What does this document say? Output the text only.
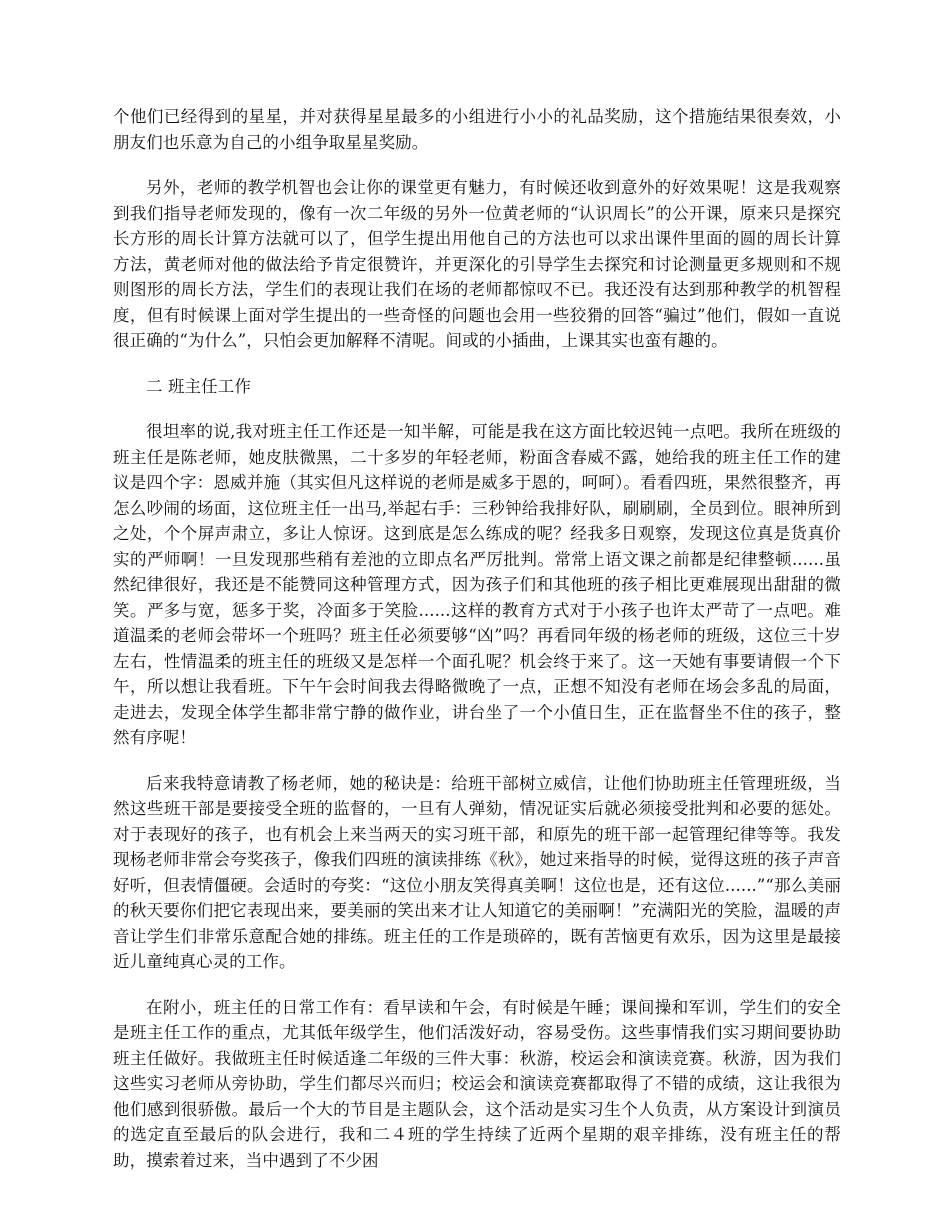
个他们已经得到的星星，并对获得星星最多的小组进行小小的礼品奖励，这个措施结果很奏效，小朋友们也乐意为自己的小组争取星星奖励。

另外，老师的教学机智也会让你的课堂更有魅力，有时候还收到意外的好效果呢！这是我观察到我们指导老师发现的，像有一次二年级的另外一位黄老师的“认识周长”的公开课，原来只是探究长方形的周长计算方法就可以了，但学生提出用他自己的方法也可以求出课件里面的圆的周长计算方法，黄老师对他的做法给予肯定很赞许，并更深化的引导学生去探究和讨论测量更多规则和不规则图形的周长方法，学生们的表现让我们在场的老师都惊叹不已。我还没有达到那种教学的机智程度，但有时候课上面对学生提出的一些奇怪的问题也会用一些狡猾的回答“骗过”他们，假如一直说很正确的“为什么”，只怕会更加解释不清呢。间或的小插曲，上课其实也蛮有趣的。

二 班主任工作

很坦率的说,我对班主任工作还是一知半解，可能是我在这方面比较迟钝一点吧。我所在班级的班主任是陈老师，她皮肤微黑，二十多岁的年轻老师，粉面含春威不露，她给我的班主任工作的建议是四个字：恩威并施（其实但凡这样说的老师是威多于恩的，呵呵）。看看四班，果然很整齐，再怎么吵闹的场面，这位班主任一出马,举起右手：三秒钟给我排好队，刷刷刷，全员到位。眼神所到之处，个个屏声肃立，多让人惊讶。这到底是怎么练成的呢？经我多日观察，发现这位真是货真价实的严师啊！一旦发现那些稍有差池的立即点名严厉批判。常常上语文课之前都是纪律整顿......虽然纪律很好，我还是不能赞同这种管理方式，因为孩子们和其他班的孩子相比更难展现出甜甜的微笑。严多与宽，惩多于奖，冷面多于笑脸......这样的教育方式对于小孩子也许太严苛了一点吧。难道温柔的老师会带坏一个班吗？班主任必须要够“凶”吗？再看同年级的杨老师的班级，这位三十岁左右，性情温柔的班主任的班级又是怎样一个面孔呢？机会终于来了。这一天她有事要请假一个下午，所以想让我看班。下午午会时间我去得略微晚了一点，正想不知没有老师在场会多乱的局面，走进去，发现全体学生都非常宁静的做作业，讲台坐了一个小值日生，正在监督坐不住的孩子，整然有序呢！

后来我特意请教了杨老师，她的秘诀是：给班干部树立威信，让他们协助班主任管理班级，当然这些班干部是要接受全班的监督的，一旦有人弹劾，情况证实后就必须接受批判和必要的惩处。对于表现好的孩子，也有机会上来当两天的实习班干部，和原先的班干部一起管理纪律等等。我发现杨老师非常会夸奖孩子，像我们四班的演读排练《秋》，她过来指导的时候，觉得这班的孩子声音好听，但表情僵硬。会适时的夸奖：“这位小朋友笑得真美啊！这位也是，还有这位......”“那么美丽的秋天要你们把它表现出来，要美丽的笑出来才让人知道它的美丽啊！”充满阳光的笑脸，温暖的声音让学生们非常乐意配合她的排练。班主任的工作是琐碎的，既有苦恼更有欢乐，因为这里是最接近儿童纯真心灵的工作。

在附小，班主任的日常工作有：看早读和午会，有时候是午睡；课间操和军训，学生们的安全是班主任工作的重点，尤其低年级学生，他们活泼好动，容易受伤。这些事情我们实习期间要协助班主任做好。我做班主任时候适逢二年级的三件大事：秋游，校运会和演读竞赛。秋游，因为我们这些实习老师从旁协助，学生们都尽兴而归；校运会和演读竞赛都取得了不错的成绩，这让我很为他们感到很骄傲。最后一个大的节目是主题队会，这个活动是实习生个人负责，从方案设计到演员的选定直至最后的队会进行，我和二４班的学生持续了近两个星期的艰辛排练，没有班主任的帮助，摸索着过来，当中遇到了不少困
